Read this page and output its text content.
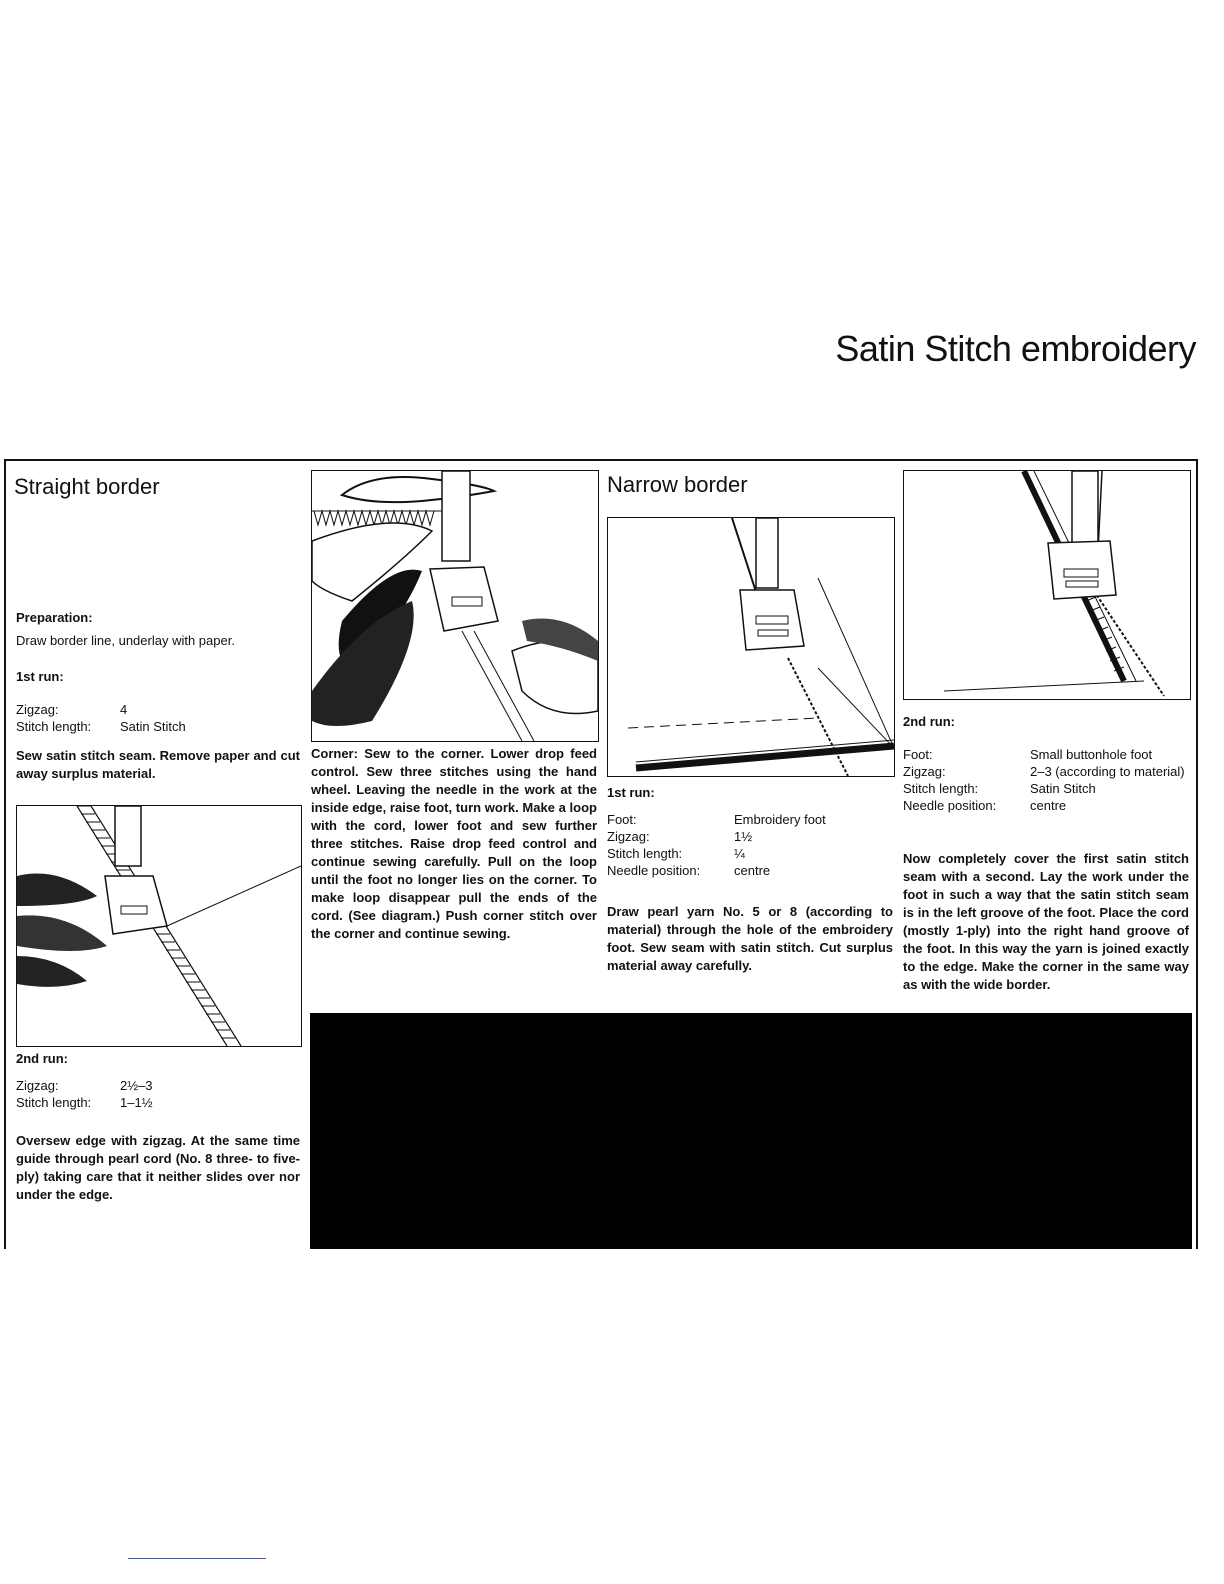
Satin Stitch embroidery
Straight border
Preparation:
Draw border line, underlay with paper.
1st run:
Zigzag:	4
Stitch length:	Satin Stitch
Sew satin stitch seam. Remove paper and cut away surplus material.
2nd run:
Zigzag:	2½–3
Stitch length:	1–1½
Oversew edge with zigzag. At the same time guide through pearl cord (No. 8 three- to five-ply) taking care that it neither slides over nor under the edge.
Corner: Sew to the corner. Lower drop feed control. Sew three stitches using the hand wheel. Leaving the needle in the work at the inside edge, raise foot, turn work. Make a loop with the cord, lower foot and sew further three stitches. Raise drop feed control and continue sewing carefully. Pull on the loop until the foot no longer lies on the corner. To make loop disappear pull the ends of the cord. (See diagram.) Push corner stitch over the corner and continue sewing.
Narrow border
1st run:
Foot:	Embroidery foot
Zigzag:	1½
Stitch length:	¼
Needle position:	centre
Draw pearl yarn No. 5 or 8 (according to material) through the hole of the embroidery foot. Sew seam with satin stitch. Cut surplus material away carefully.
2nd run:
Foot:	Small buttonhole foot
Zigzag:	2–3 (according to material)
Stitch length:	Satin Stitch
Needle position:	centre
Now completely cover the first satin stitch seam with a second. Lay the work under the foot in such a way that the satin stitch seam is in the left groove of the foot. Place the cord (mostly 1-ply) into the right hand groove of the foot. In this way the yarn is joined exactly to the edge. Make the corner in the same way as with the wide border.
